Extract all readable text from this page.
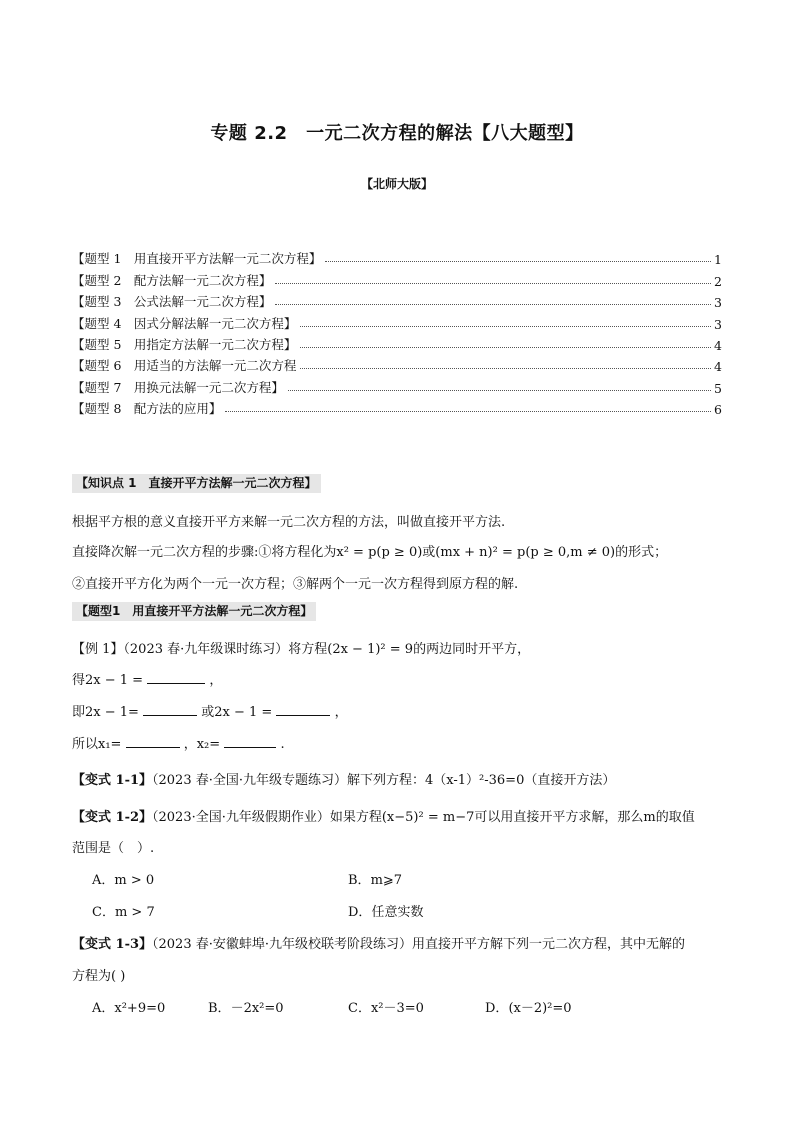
专题 2.2　一元二次方程的解法【八大题型】
【北师大版】
【题型 1　用直接开平方法解一元二次方程】	1
【题型 2　配方法解一元二次方程】	2
【题型 3　公式法解一元二次方程】	3
【题型 4　因式分解法解一元二次方程】	3
【题型 5　用指定方法解一元二次方程】	4
【题型 6　用适当的方法解一元二次方程	4
【题型 7　用换元法解一元二次方程】	5
【题型 8　配方法的应用】	6
【知识点 1　直接开平方法解一元二次方程】
根据平方根的意义直接开平方来解一元二次方程的方法，叫做直接开平方法.
直接降次解一元二次方程的步骤:①将方程化为x² = p(p ≥ 0)或(mx + n)² = p(p ≥ 0,m ≠ 0)的形式；
②直接开平方化为两个一元一次方程；③解两个一元一次方程得到原方程的解.
【题型1　用直接开平方法解一元二次方程】
【例 1】（2023 春·九年级课时练习）将方程(2x − 1)² = 9的两边同时开平方，
得2x − 1 =	，
即2x − 1=	或2x − 1 =	，
所以x₁=	，x₂=	.
【变式 1-1】（2023 春·全国·九年级专题练习）解下列方程：4（x-1）²-36=0（直接开方法）
【变式 1-2】（2023·全国·九年级假期作业）如果方程(x−5)² = m−7可以用直接开平方求解，那么m的取值
范围是（　）.
A．m > 0	B．m⩾7
C．m > 7	D．任意实数
【变式 1-3】（2023 春·安徽蚌埠·九年级校联考阶段练习）用直接开平方解下列一元二次方程，其中无解的
方程为( )
A．x²+9=0	B．－2x²=0	C．x²－3=0	D．(x－2)²=0
